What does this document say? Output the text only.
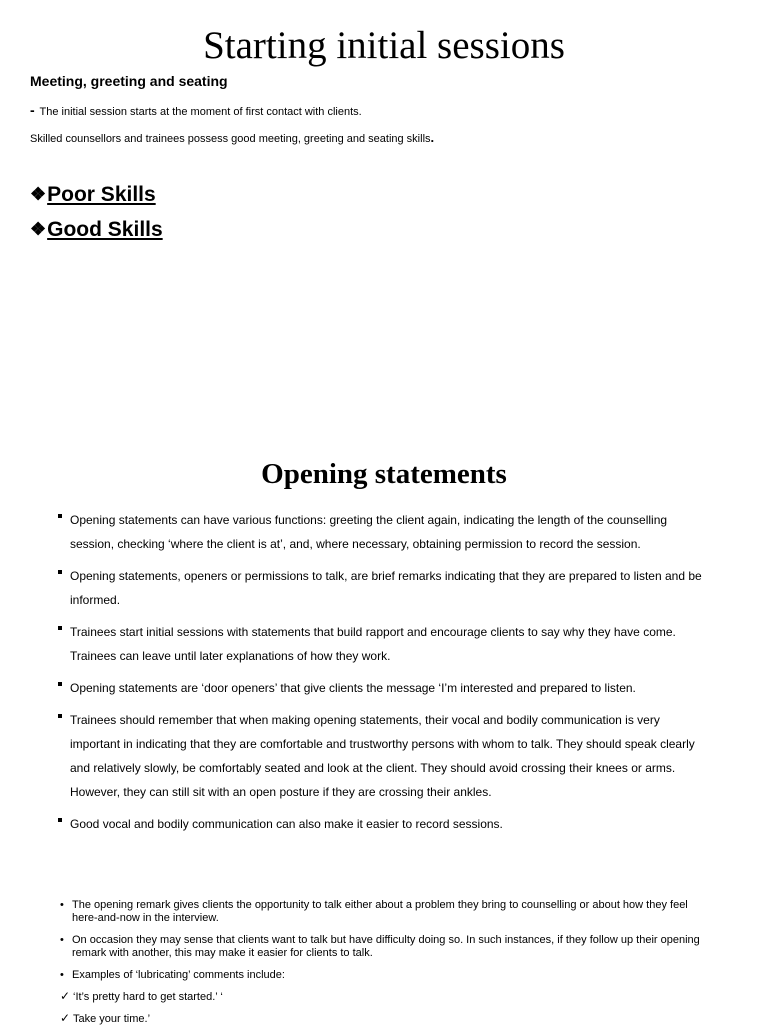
Starting initial sessions

Meeting, greeting and seating

- The initial session starts at the moment of first contact with clients.

Skilled counsellors and trainees possess good meeting, greeting and seating skills.

❖Poor Skills

❖Good Skills

Opening statements
Opening statements can have various functions: greeting the client again, indicating the length of the counselling session, checking ‘where the client is at’, and, where necessary, obtaining permission to record the session.
Opening statements, openers or permissions to talk, are brief remarks indicating that they are prepared to listen and be informed.
Trainees start initial sessions with statements that build rapport and encourage clients to say why they have come. Trainees can leave until later explanations of how they work.
Opening statements are ‘door openers’ that give clients the message ‘I’m interested and prepared to listen.
Trainees should remember that when making opening statements, their vocal and bodily communication is very important in indicating that they are comfortable and trustworthy persons with whom to talk. They should speak clearly and relatively slowly, be comfortably seated and look at the client. They should avoid crossing their knees or arms. However, they can still sit with an open posture if they are crossing their ankles.
Good vocal and bodily communication can also make it easier to record sessions.
• The opening remark gives clients the opportunity to talk either about a problem they bring to counselling or about how they feel here-and-now in the interview.
• On occasion they may sense that clients want to talk but have difficulty doing so. In such instances, if they follow up their opening remark with another, this may make it easier for clients to talk.
• Examples of ‘lubricating’ comments include:
✓ ‘It’s pretty hard to get started.’ ‘
✓ Take your time.’
